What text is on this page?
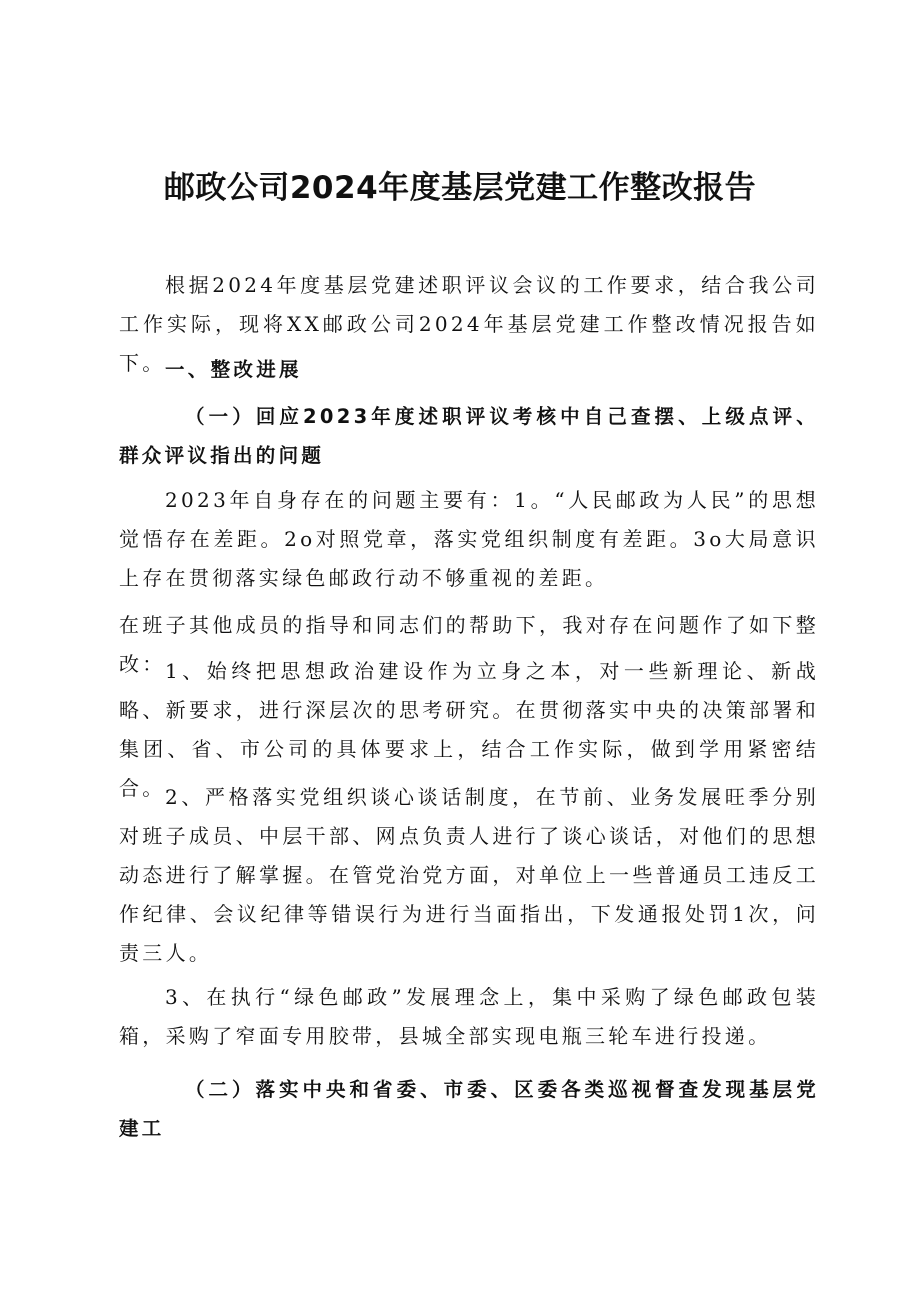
邮政公司2024年度基层党建工作整改报告
根据2024年度基层党建述职评议会议的工作要求，结合我公司工作实际，现将XX邮政公司2024年基层党建工作整改情况报告如下。 一、整改进展
（一）回应2023年度述职评议考核中自己查摆、上级点评、群众评议指出的问题
2023年自身存在的问题主要有：1。“人民邮政为人民”的思想觉悟存在差距。2o对照党章，落实党组织制度有差距。3o大局意识上存在贯彻落实绿色邮政行动不够重视的差距。
在班子其他成员的指导和同志们的帮助下，我对存在问题作了如下整改： 1、始终把思想政治建设作为立身之本，对一些新理论、新战略、新要求，进行深层次的思考研究。在贯彻落实中央的决策部署和集团、省、市公司的具体要求上，结合工作实际，做到学用紧密结合。 2、严格落实党组织谈心谈话制度，在节前、业务发展旺季分别对班子成员、中层干部、网点负责人进行了谈心谈话，对他们的思想动态进行了解掌握。在管党治党方面，对单位上一些普通员工违反工作纪律、会议纪律等错误行为进行当面指出，下发通报处罚1次，问责三人。
3、在执行“绿色邮政”发展理念上，集中采购了绿色邮政包装箱，采购了窄面专用胶带，县城全部实现电瓶三轮车进行投递。
（二）落实中央和省委、市委、区委各类巡视督查发现基层党建工
